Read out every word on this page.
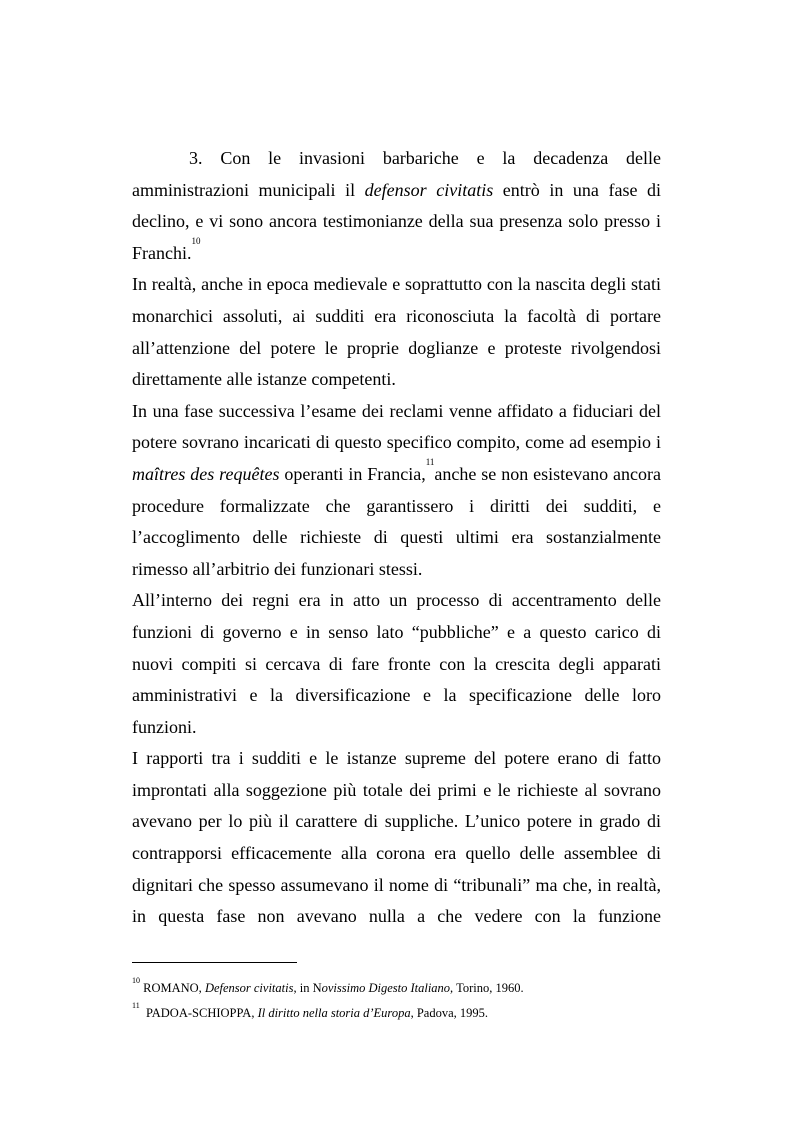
3. Con le invasioni barbariche e la decadenza delle amministrazioni municipali il defensor civitatis entrò in una fase di declino, e vi sono ancora testimonianze della sua presenza solo presso i Franchi.$^{10}$

In realtà, anche in epoca medievale e soprattutto con la nascita degli stati monarchici assoluti, ai sudditi era riconosciuta la facoltà di portare all’attenzione del potere le proprie doglianze e proteste rivolgendosi direttamente alle istanze competenti.

In una fase successiva l’esame dei reclami venne affidato a fiduciari del potere sovrano incaricati di questo specifico compito, come ad esempio i maîtres des requêtes operanti in Francia,$^{11}$anche se non esistevano ancora procedure formalizzate che garantissero i diritti dei sudditi, e l’accoglimento delle richieste di questi ultimi era sostanzialmente rimesso all’arbitrio dei funzionari stessi.

All’interno dei regni era in atto un processo di accentramento delle funzioni di governo e in senso lato “pubbliche” e a questo carico di nuovi compiti si cercava di fare fronte con la crescita degli apparati amministrativi e la diversificazione e la specificazione delle loro funzioni.

I rapporti tra i sudditi e le istanze supreme del potere erano di fatto improntati alla soggezione più totale dei primi e le richieste al sovrano avevano per lo più il carattere di suppliche. L’unico potere in grado di contrapporsi efficacemente alla corona era quello delle assemblee di dignitari che spesso assumevano il nome di “tribunali” ma che, in realtà, in questa fase non avevano nulla a che vedere con la funzione

$^{10}$ ROMANO, Defensor civitatis, in Novissimo Digesto Italiano, Torino, 1960.

$^{11}$  PADOA-SCHIOPPA, Il diritto nella storia d’Europa, Padova, 1995.
